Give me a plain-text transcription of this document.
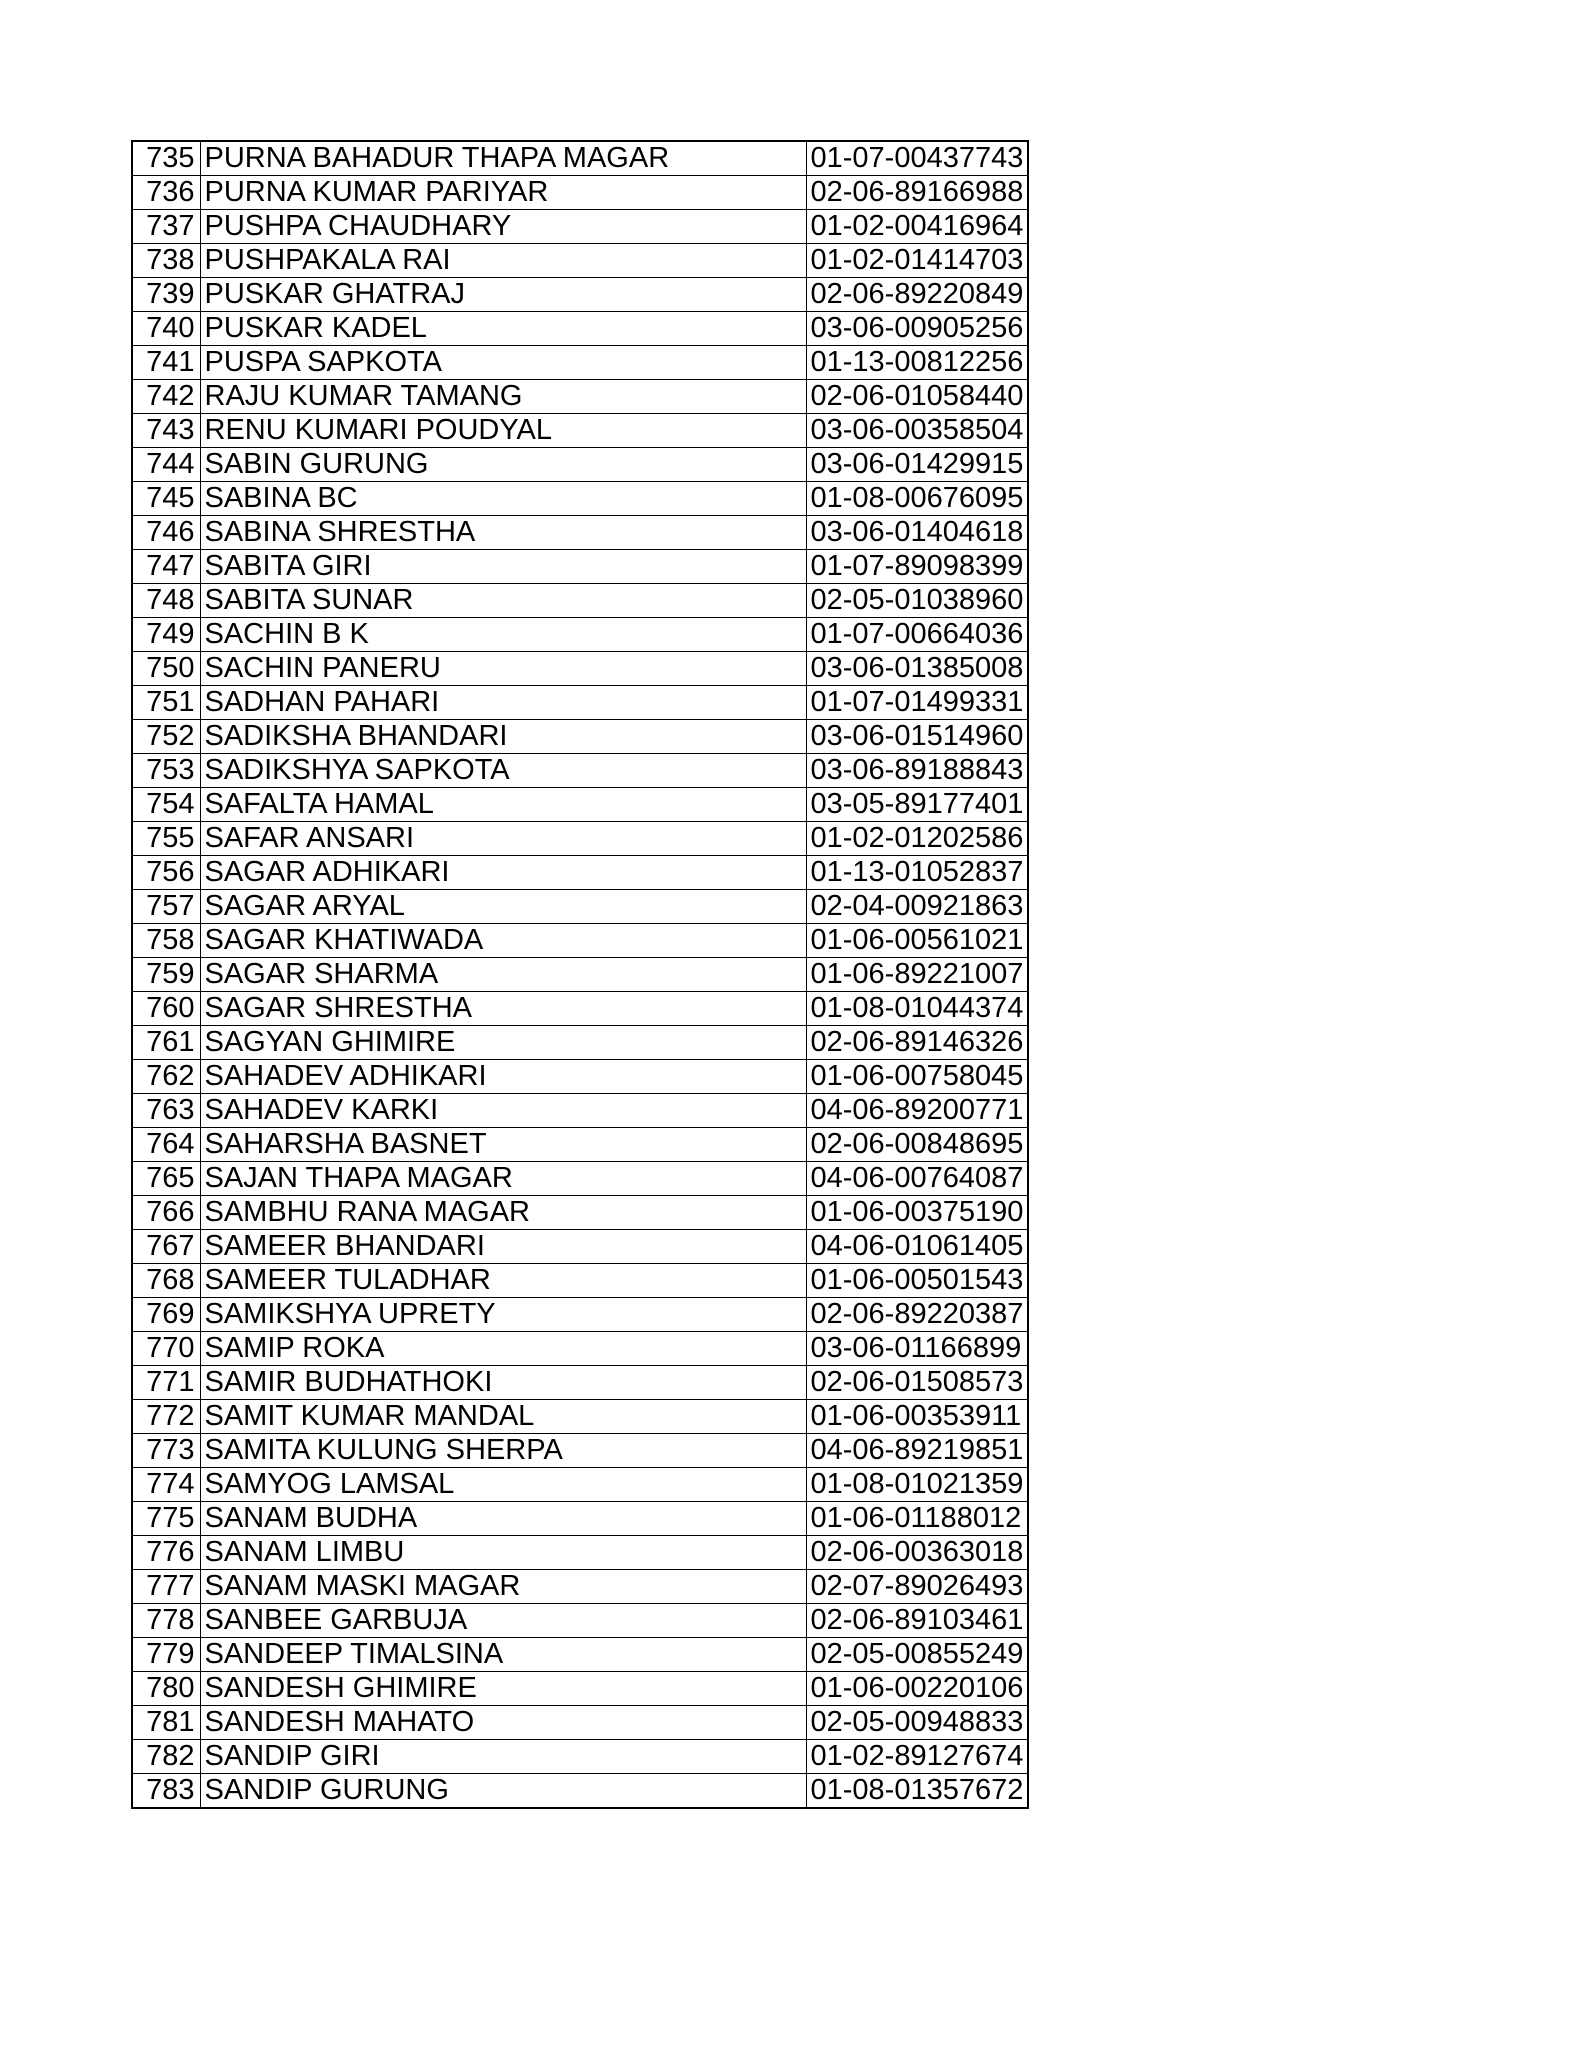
735	PURNA BAHADUR THAPA MAGAR	01-07-00437743
736	PURNA KUMAR PARIYAR	02-06-89166988
737	PUSHPA CHAUDHARY	01-02-00416964
738	PUSHPAKALA RAI	01-02-01414703
739	PUSKAR GHATRAJ	02-06-89220849
740	PUSKAR KADEL	03-06-00905256
741	PUSPA SAPKOTA	01-13-00812256
742	RAJU KUMAR TAMANG	02-06-01058440
743	RENU KUMARI POUDYAL	03-06-00358504
744	SABIN GURUNG	03-06-01429915
745	SABINA BC	01-08-00676095
746	SABINA SHRESTHA	03-06-01404618
747	SABITA GIRI	01-07-89098399
748	SABITA SUNAR	02-05-01038960
749	SACHIN B K	01-07-00664036
750	SACHIN PANERU	03-06-01385008
751	SADHAN PAHARI	01-07-01499331
752	SADIKSHA BHANDARI	03-06-01514960
753	SADIKSHYA SAPKOTA	03-06-89188843
754	SAFALTA HAMAL	03-05-89177401
755	SAFAR ANSARI	01-02-01202586
756	SAGAR ADHIKARI	01-13-01052837
757	SAGAR ARYAL	02-04-00921863
758	SAGAR KHATIWADA	01-06-00561021
759	SAGAR SHARMA	01-06-89221007
760	SAGAR SHRESTHA	01-08-01044374
761	SAGYAN GHIMIRE	02-06-89146326
762	SAHADEV ADHIKARI	01-06-00758045
763	SAHADEV KARKI	04-06-89200771
764	SAHARSHA BASNET	02-06-00848695
765	SAJAN THAPA MAGAR	04-06-00764087
766	SAMBHU RANA MAGAR	01-06-00375190
767	SAMEER BHANDARI	04-06-01061405
768	SAMEER TULADHAR	01-06-00501543
769	SAMIKSHYA UPRETY	02-06-89220387
770	SAMIP ROKA	03-06-01166899
771	SAMIR BUDHATHOKI	02-06-01508573
772	SAMIT KUMAR MANDAL	01-06-00353911
773	SAMITA KULUNG SHERPA	04-06-89219851
774	SAMYOG LAMSAL	01-08-01021359
775	SANAM BUDHA	01-06-01188012
776	SANAM LIMBU	02-06-00363018
777	SANAM MASKI MAGAR	02-07-89026493
778	SANBEE GARBUJA	02-06-89103461
779	SANDEEP TIMALSINA	02-05-00855249
780	SANDESH GHIMIRE	01-06-00220106
781	SANDESH MAHATO	02-05-00948833
782	SANDIP GIRI	01-02-89127674
783	SANDIP GURUNG	01-08-01357672
